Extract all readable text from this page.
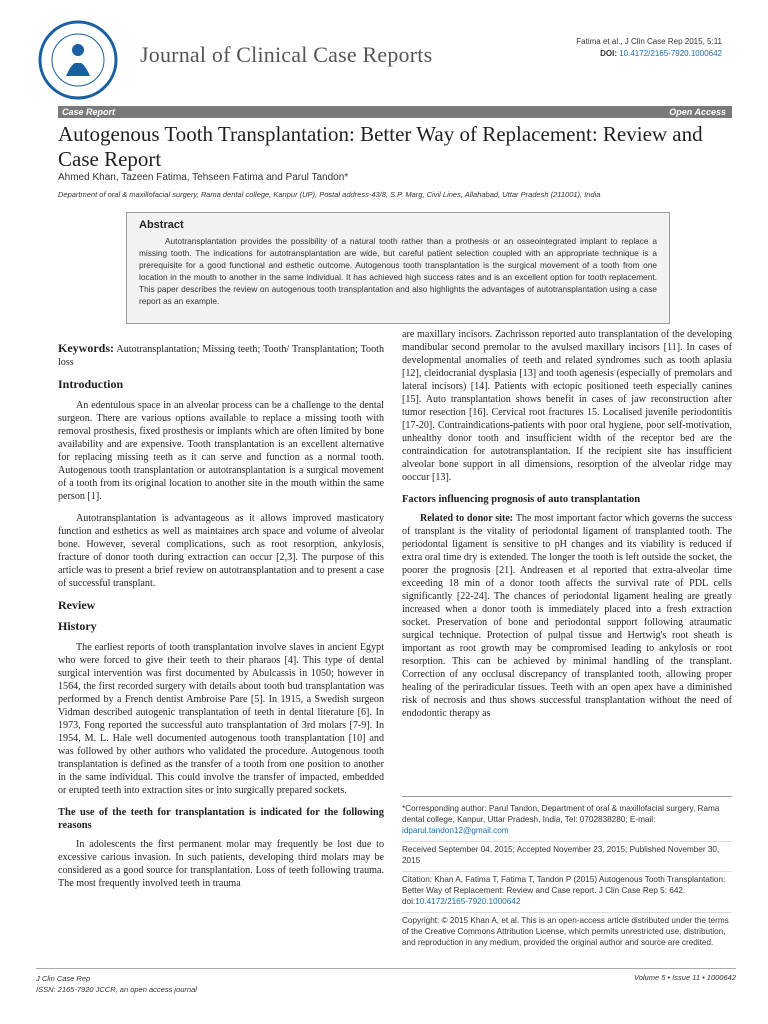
Journal of Clinical Case Reports
Fatima et al., J Clin Case Rep 2015, 5:11
DOI: 10.4172/2165-7920.1000642
Case Report	Open Access
Autogenous Tooth Transplantation: Better Way of Replacement: Review and Case Report
Ahmed Khan, Tazeen Fatima, Tehseen Fatima and Parul Tandon*
Department of oral & maxillofacial surgery, Rama dental college, Kanpur (UP), Postal address-43/8, S.P. Marg, Civil Lines, Allahabad, Uttar Pradesh (211001), India
Abstract

Autotransplantation provides the possibility of a natural tooth rather than a prothesis or an osseointegrated implant to replace a missing tooth. The indications for autotransplantation are wide, but careful patient selection coupled with an appropriate technique is a prerequisite for a good functional and esthetic outcome. Autogenous tooth transplantation is the surgical movement of a tooth from one location in the mouth to another in the same individual. It has achieved high success rates and is an excellent option for tooth replacement. This paper describes the review on autogenous tooth transplantation and also highlights the advantages of autotransplantation using a case report as an example.

Keywords: Autotransplantation; Missing teeth; Tooth/ Transplantation; Tooth loss

Introduction

An edentulous space in an alveolar process can be a challenge to the dental surgeon. There are various options available to replace a missing tooth with removal prosthesis, fixed prosthesis or implants which are often limited by bone availability and are expensive. Tooth transplantation is an excellent alternative for replacing missing teeth as it can serve and function as a normal tooth. Autogenous tooth transplantation or autotransplantation is a surgical movement of a tooth from its original location to another site in the mouth within the same person [1].

Autotransplantation is advantageous as it allows improved masticatory function and esthetics as well as maintaines arch space and volume of alveolar bone. However, several complications, such as root resorption, ankylosis, fracture of donor tooth during extraction can occur [2,3]. The purpose of this article was to present a brief review on autotransplantation and to present a case of successful transplant.

Review
History

The earliest reports of tooth transplantation involve slaves in ancient Egypt who were forced to give their teeth to their pharaos [4]. This type of dental surgical intervention was first documented by Abulcassis in 1050; however in 1564, the first recorded surgery with details about tooth bud transplantation was performed by a French dentist Ambroise Pare [5]. In 1915, a Swedish surgeon Vidman described autogenic transplantation of teeth in dental literature [6]. In 1973, Fong reported the successful auto transplantation of 3rd molars [7-9]. In 1954, M. L. Hale well documented autogenous tooth transplantation [10] and was followed by other authors who validated the procedure. Autogenous tooth transplantation is defined as the transfer of a tooth from one position to another in the same individual. This could involve the transfer of impacted, embedded or erupted teeth into extraction sites or into surgically prepared sockets.

The use of the teeth for transplantation is indicated for the following reasons

In adolescents the first permanent molar may frequently be lost due to excessive carious invasion. In such patients, developing third molars may be considered as a good source for transplantation. Loss of teeth following trauma. The most frequently involved teeth in trauma

are maxillary incisors. Zachrisson reported auto transplantation of the developing mandibular second premolar to the avulsed maxillary incisors [11]. In cases of developmental anomalies of teeth and related syndromes such as tooth aplasia [12], cleidocranial dysplasia [13] and tooth agenesis (especially of premolars and lateral incisors) [14]. Patients with ectopic positioned teeth especially canines [15]. Auto transplantation shows benefit in cases of jaw reconstruction after tumor resection [16]. Cervical root fractures 15. Localised juvenile periodontitis [17-20]. Contraindications-patients with poor oral hygiene, poor self-motivation, unhealthy donor tooth and insufficient width of the receptor bed are the contraindication for autotransplantation. If the recipient site has insufficient alveolar bone support in all dimensions, resorption of the alveolar ridge may ooccur [13].

Factors influencing prognosis of auto transplantation

Related to donor site: The most important factor which governs the success of transplant is the vitality of periodontal ligament of transplanted tooth. The periodontal ligament is sensitive to pH changes and its viability is reduced if extra oral time dry is extended. The longer the tooth is left outside the socket, the poorer the prognosis [21]. Andreasen et al reported that extra-alveolar time exceeding 18 min of a donor tooth affects the survival rate of PDL cells significantly [22-24]. The chances of periodontal ligament healing are greatly increased when a donor tooth is immediately placed into a fresh extraction socket. Preservation of bone and periodontal support following atraumatic surgical technique. Protection of pulpal tissue and Hertwig's root sheath is important as root growth may be compromised leading to ankylosis or root resorption. This can be achieved by minimal handling of the transplant. Correction of any occlusal discrepancy of transplanted tooth, allowing proper healing of the periradicular tissues. Teeth with an open apex have a diminished risk of necrosis and thus shows successful transplantation without the need of endodontic therapy as

*Corresponding author: Parul Tandon, Department of oral & maxillofacial surgery, Rama dental college, Kanpur, Uttar Pradesh, India, Tel: 0702838280; E-mail: idparul.tandon12@gmail.com
Received September 04, 2015; Accepted November 23, 2015; Published November 30, 2015
Citation: Khan A, Fatima T, Fatima T, Tandon P (2015) Autogenous Tooth Transplantation: Better Way of Replacement: Review and Case report. J Clin Case Rep 5: 642. doi:10.4172/2165-7920.1000642
Copyright: © 2015 Khan A, et al. This is an open-access article distributed under the terms of the Creative Commons Attribution License, which permits unrestricted use, distribution, and reproduction in any medium, provided the original author and source are credited.
J Clin Case Rep
ISSN: 2165-7920 JCCR, an open access journal
Volume 5 • Issue 11 • 1000642
